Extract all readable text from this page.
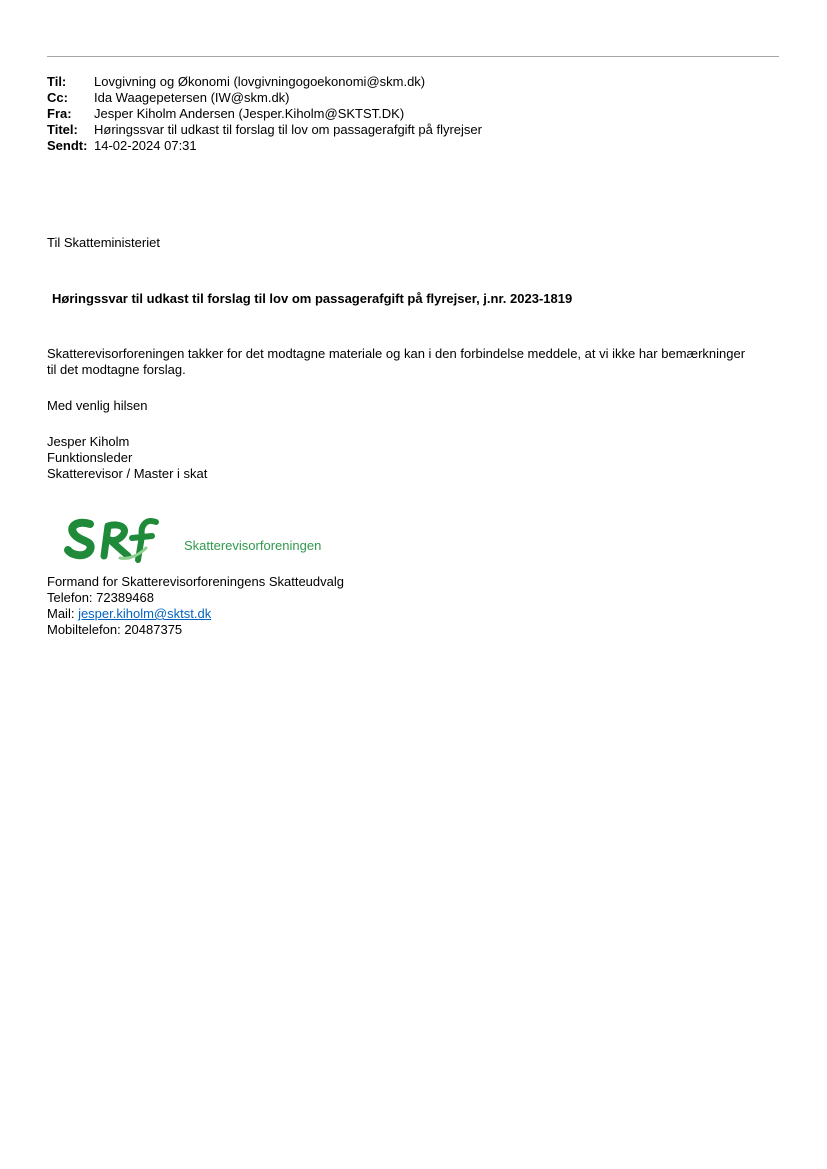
Til:	Lovgivning og Økonomi (lovgivningogoekonomi@skm.dk)
Cc:	Ida Waagepetersen (IW@skm.dk)
Fra:	Jesper Kiholm Andersen (Jesper.Kiholm@SKTST.DK)
Titel:	Høringssvar til udkast til forslag til lov om passagerafgift på flyrejser
Sendt: 14-02-2024 07:31
Til Skatteministeriet
Høringssvar til udkast til forslag til lov om passagerafgift på flyrejser, j.nr. 2023-1819
Skatterevisorforeningen takker for det modtagne materiale og kan i den forbindelse meddele, at vi ikke har bemærkninger til det modtagne forslag.
Med venlig hilsen
Jesper Kiholm
Funktionsleder
Skatterevisor / Master i skat
Skatterevisorforeningen
Formand for Skatterevisorforeningens Skatteudvalg
Telefon: 72389468
Mail: jesper.kiholm@sktst.dk
Mobiltelefon: 20487375
